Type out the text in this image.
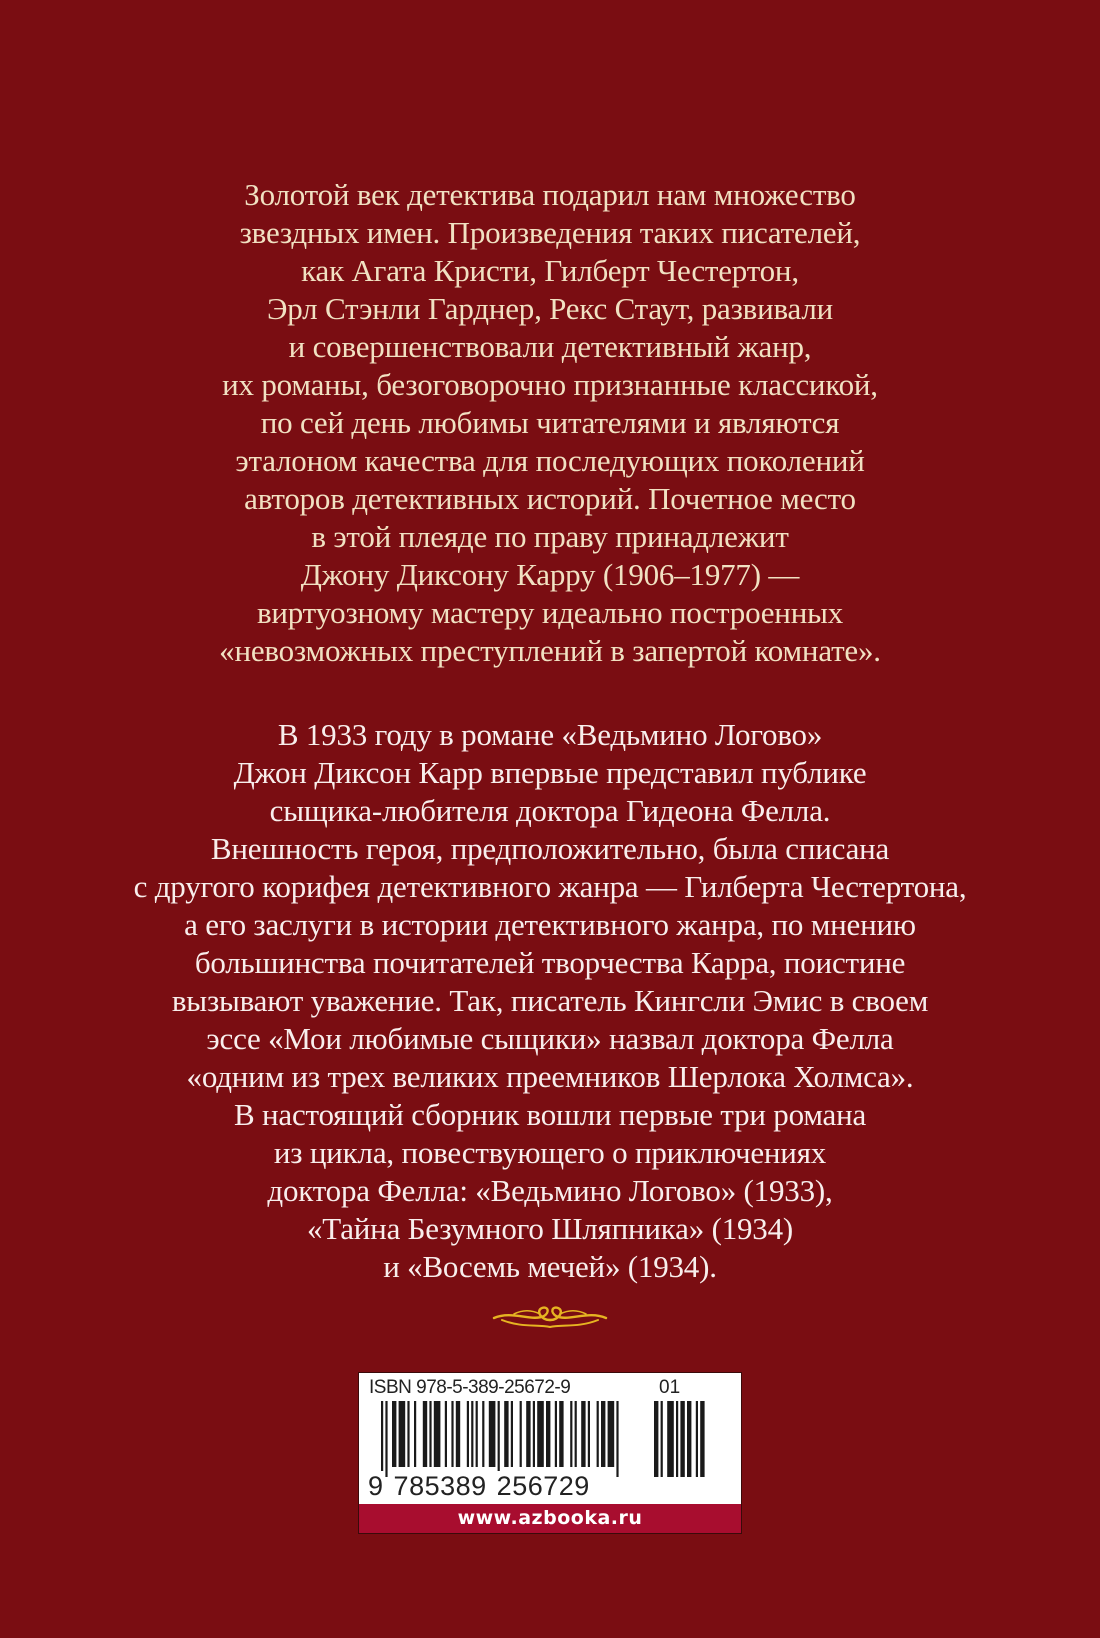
Золотой век детектива подарил нам множество
звездных имен. Произведения таких писателей,
как Агата Кристи, Гилберт Честертон,
Эрл Стэнли Гарднер, Рекс Стаут, развивали
и совершенствовали детективный жанр,
их романы, безоговорочно признанные классикой,
по сей день любимы читателями и являются
эталоном качества для последующих поколений
авторов детективных историй. Почетное место
в этой плеяде по праву принадлежит
Джону Диксону Карру (1906–1977) —
виртуозному мастеру идеально построенных
«невозможных преступлений в запертой комнате».
В 1933 году в романе «Ведьмино Логово»
Джон Диксон Карр впервые представил публике
сыщика-любителя доктора Гидеона Фелла.
Внешность героя, предположительно, была списана
с другого корифея детективного жанра — Гилберта Честертона,
а его заслуги в истории детективного жанра, по мнению
большинства почитателей творчества Карра, поистине
вызывают уважение. Так, писатель Кингсли Эмис в своем
эссе «Мои любимые сыщики» назвал доктора Фелла
«одним из трех великих преемников Шерлока Холмса».
В настоящий сборник вошли первые три романа
из цикла, повествующего о приключениях
доктора Фелла: «Ведьмино Логово» (1933),
«Тайна Безумного Шляпника» (1934)
и «Восемь мечей» (1934).
ISBN 978-5-389-25672-9	01
9 785389 256729
www.azbooka.ru
